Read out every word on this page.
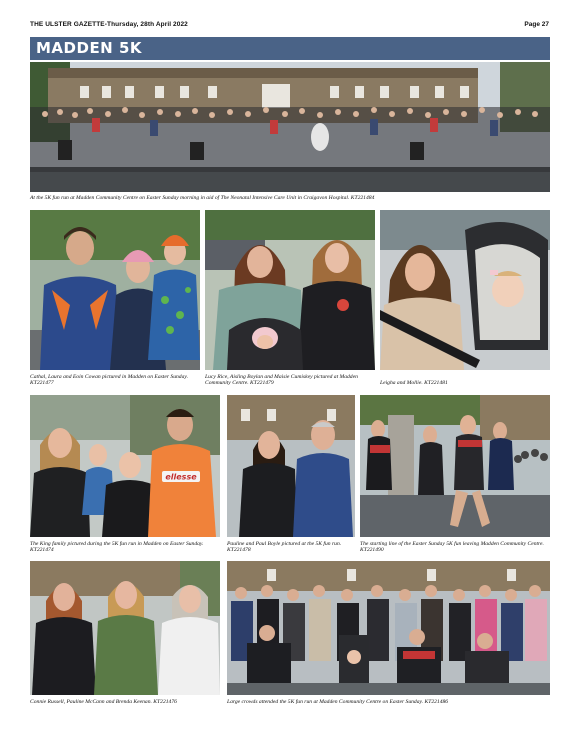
THE ULSTER GAZETTE-Thursday, 28th April 2022	Page 27
MADDEN 5K
At the 5K fun run at Madden Community Centre on Easter Sunday morning in aid of The Neonatal Intensive Care Unit in Craigavon Hospital. KT221484
Cathal, Laura and Eoin Cowan pictured in Madden on Easter Sunday. KT221477
Lucy Rice, Aisling Boylan and Maisie Cumiskey pictured at Madden Community Centre. KT221479	Leigha and Mollie. KT221481
ellesse
The King family pictured during the 5K fun run in Madden on Easter Sunday. KT221474
Pauline and Paul Boyle pictured at the 5K fun run. KT221478
The starting line of the Easter Sunday 5K fun leaving Madden Community Centre. KT221490
Connie Russell, Pauline McCann and Brenda Keenan. KT221476	Large crowds attended the 5K fun run at Madden Community Centre on Easter Sunday. KT221486
